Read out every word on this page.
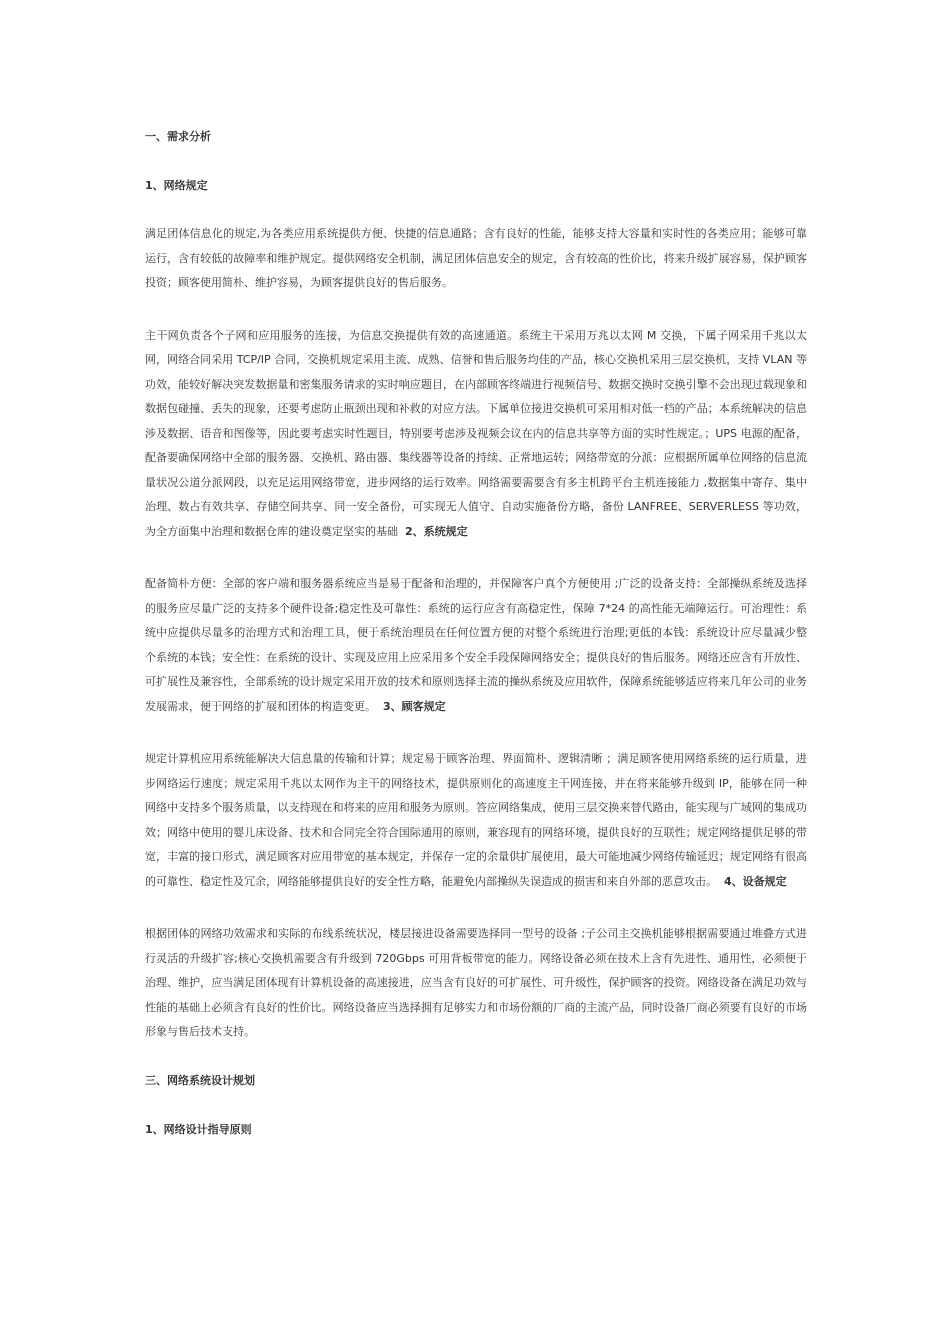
一、需求分析

1、网络规定

满足团体信息化的规定,为各类应用系统提供方便、快捷的信息通路；含有良好的性能，能够支持大容量和实时性的各类应用；能够可靠运行，含有较低的故障率和维护规定。提供网络安全机制，满足团体信息安全的规定，含有较高的性价比，将来升级扩展容易，保护顾客投资；顾客使用简朴、维护容易，为顾客提供良好的售后服务。

主干网负责各个子网和应用服务的连接，为信息交换提供有效的高速通道。系统主干采用万兆以太网 M 交换，下属子网采用千兆以太网，网络合同采用 TCP/IP 合同，交换机规定采用主流、成熟、信誉和售后服务均佳的产品，核心交换机采用三层交换机，支持 VLAN 等功效，能较好解决突发数据量和密集服务请求的实时响应题目，在内部顾客终端进行视频信号、数据交换时交换引擎不会出现过载现象和数据包碰撞、丢失的现象，还要考虑防止瓶颈出现和补救的对应方法。下属单位接进交换机可采用相对低一档的产品；本系统解决的信息涉及数据、语音和图像等，因此要考虑实时性题目，特别要考虑涉及视频会议在内的信息共享等方面的实时性规定。；UPS 电源的配备，配备要确保网络中全部的服务器、交换机、路由器、集线器等设备的持续、正常地运转；网络带宽的分派：应根据所属单位网络的信息流量状况公道分派网段，以充足运用网络带宽，进步网络的运行效率。网络需要需要含有多主机跨平台主机连接能力 ,数据集中寄存、集中治理、数占有效共享、存储空间共享、同一安全备份，可实现无人值守、自动实施备份方略，备份 LANFREE、SERVERLESS 等功效，为全方面集中治理和数据仓库的建设奠定坚实的基础 2、系统规定

配备简朴方便：全部的客户端和服务器系统应当是易于配备和治理的，并保障客户真个方便使用 ;广泛的设备支持：全部操纵系统及选择的服务应尽量广泛的支持多个硬件设备;稳定性及可靠性：系统的运行应含有高稳定性，保障 7*24 的高性能无端障运行。可治理性：系统中应提供尽量多的治理方式和治理工具，便于系统治理员在任何位置方便的对整个系统进行治理;更低的本钱：系统设计应尽量减少整个系统的本钱；安全性：在系统的设计、实现及应用上应采用多个安全手段保障网络安全；提供良好的售后服务。网络还应含有开放性、可扩展性及兼容性，全部系统的设计规定采用开放的技术和原则选择主流的操纵系统及应用软件，保障系统能够适应将来几年公司的业务发展需求，便于网络的扩展和团体的构造变更。 3、顾客规定

规定计算机应用系统能解决大信息量的传输和计算；规定易于顾客治理、界面简朴、逻辑清晰 ；满足顾客使用网络系统的运行质量，进步网络运行速度；规定采用千兆以太网作为主干的网络技术，提供原则化的高速度主干网连接，并在将来能够升级到 IP，能够在同一种网络中支持多个服务质量，以支持现在和将来的应用和服务为原则。答应网络集成，使用三层交换来替代路由，能实现与广域网的集成功效；网络中使用的婴儿床设备、技术和合同完全符合国际通用的原则，兼容现有的网络环境，提供良好的互联性；规定网络提供足够的带宽，丰富的接口形式，满足顾客对应用带宽的基本规定，并保存一定的余量供扩展使用，最大可能地减少网络传输延迟；规定网络有很高的可靠性、稳定性及冗余，网络能够提供良好的安全性方略，能避免内部操纵失误造成的损害和来自外部的恶意攻击。 4、设备规定

根据团体的网络功效需求和实际的布线系统状况，楼层接进设备需要选择同一型号的设备 ;子公司主交换机能够根据需要通过堆叠方式进行灵活的升级扩容;核心交换机需要含有升级到 720Gbps 可用背板带宽的能力。网络设备必须在技术上含有先进性、通用性，必须便于治理、维护，应当满足团体现有计算机设备的高速接进，应当含有良好的可扩展性、可升级性，保护顾客的投资。网络设备在满足功效与性能的基础上必须含有良好的性价比。网络设备应当选择拥有足够实力和市场份额的厂商的主流产品，同时设备厂商必须要有良好的市场形象与售后技术支持。

三、网络系统设计规划

1、网络设计指导原则
